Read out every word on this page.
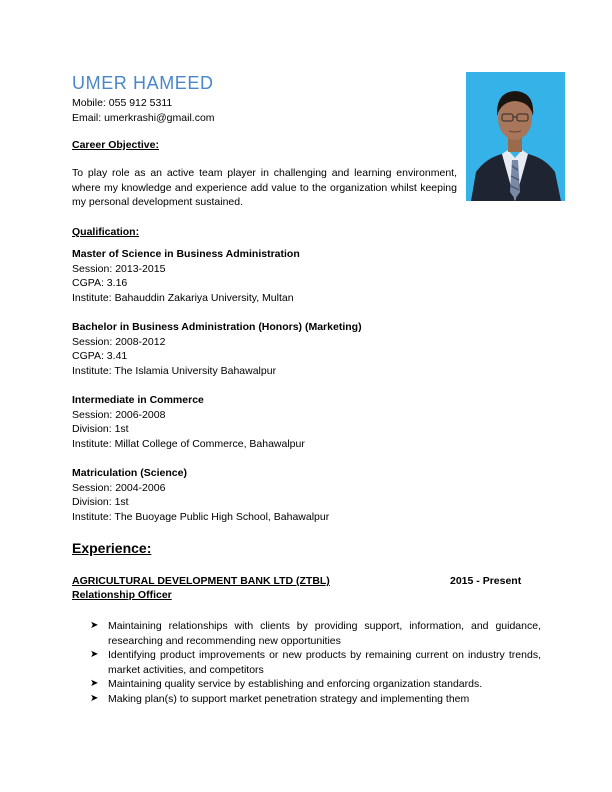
UMER HAMEED
Mobile: 055 912 5311
Email: umerkrashi@gmail.com
Career Objective:
To play role as an active team player in challenging and learning environment, where my knowledge and experience add value to the organization whilst keeping my personal development sustained.
Qualification:
Master of Science in Business Administration
Session: 2013-2015
CGPA: 3.16
Institute: Bahauddin Zakariya University, Multan
Bachelor in Business Administration (Honors) (Marketing)
Session: 2008-2012
CGPA: 3.41
Institute: The Islamia University Bahawalpur
Intermediate in Commerce
Session: 2006-2008
Division: 1st
Institute: Millat College of Commerce, Bahawalpur
Matriculation (Science)
Session: 2004-2006
Division: 1st
Institute: The Buoyage Public High School, Bahawalpur
Experience:
AGRICULTURAL DEVELOPMENT BANK LTD (ZTBL)	2015 - Present
Relationship Officer
➤ Maintaining relationships with clients by providing support, information, and guidance, researching and recommending new opportunities
➤ Identifying product improvements or new products by remaining current on industry trends, market activities, and competitors
➤ Maintaining quality service by establishing and enforcing organization standards.
➤ Making plan(s) to support market penetration strategy and implementing them
